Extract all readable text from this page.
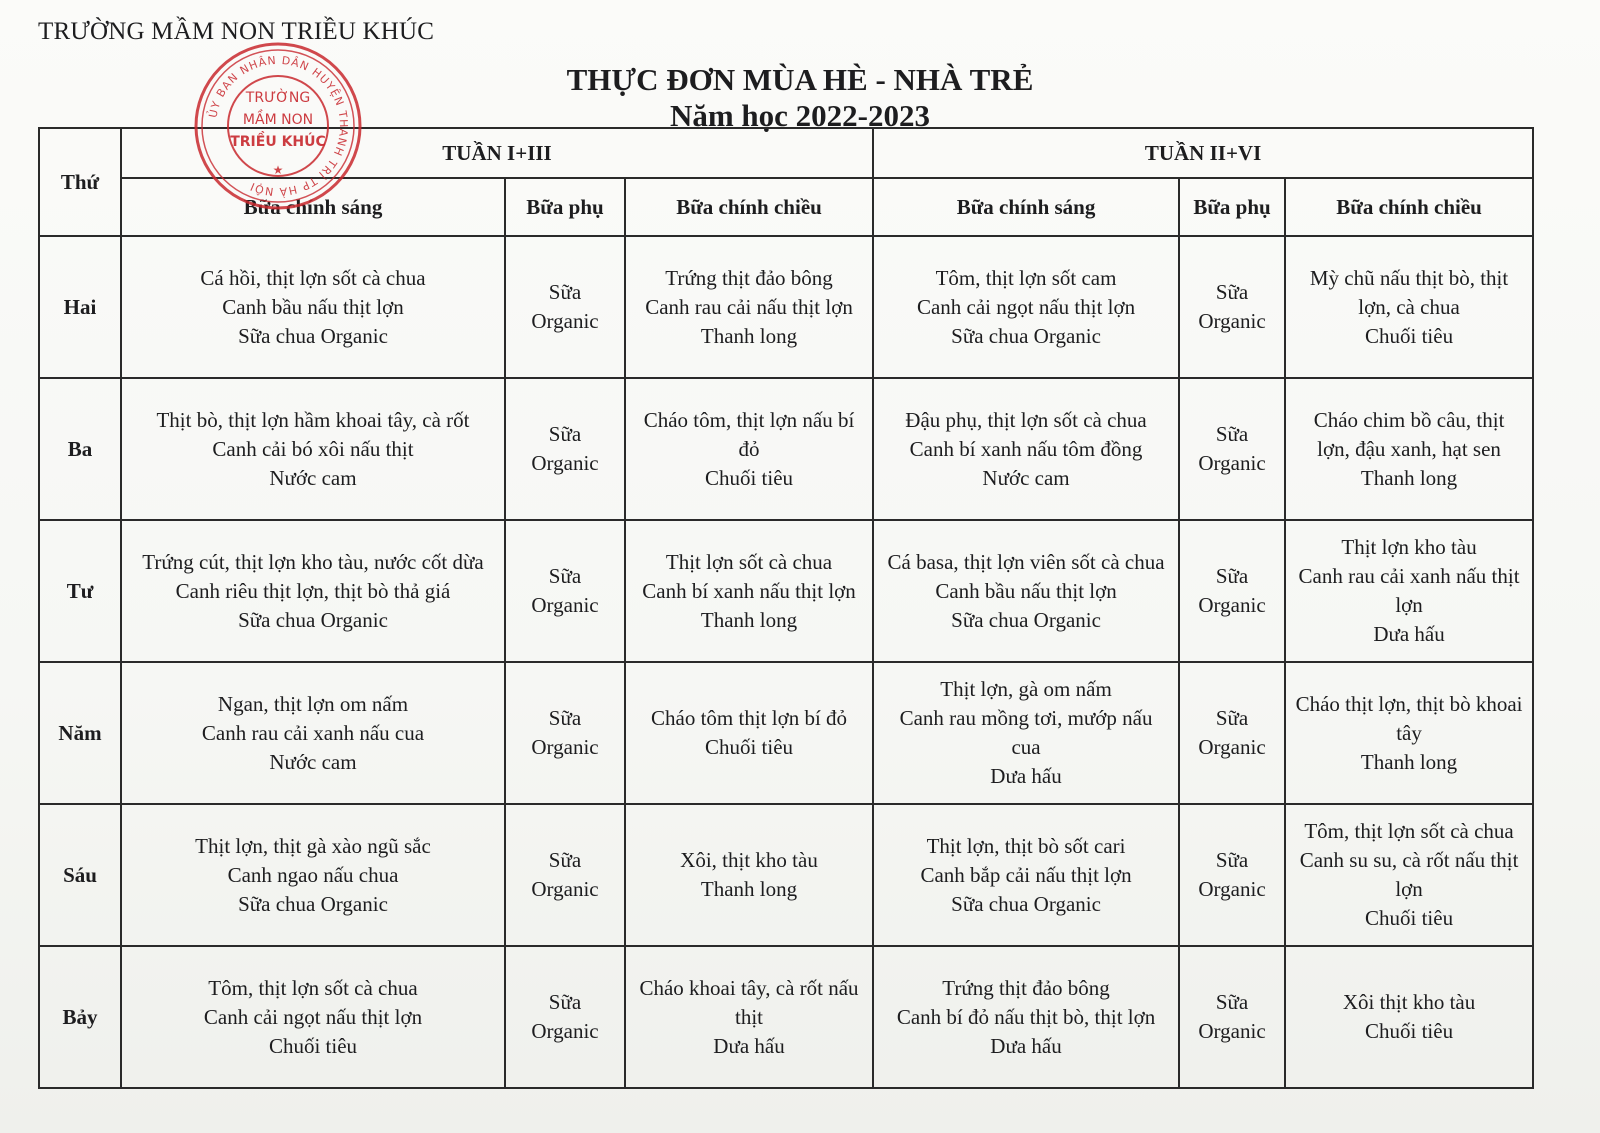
TRƯỜNG MẦM NON TRIỀU KHÚC
THỰC ĐƠN MÙA HÈ - NHÀ TRẺ
Năm học 2022-2023
Thứ	TUẦN I+III			TUẦN II+VI		
	Bữa chính sáng	Bữa phụ	Bữa chính chiều	Bữa chính sáng	Bữa phụ	Bữa chính chiều
Hai	Cá hồi, thịt lợn sốt cà chua
Canh bầu nấu thịt lợn
Sữa chua Organic	Sữa
Organic	Trứng thịt đảo bông
Canh rau cải nấu thịt lợn
Thanh long	Tôm, thịt lợn sốt cam
Canh cải ngọt nấu thịt lợn
Sữa chua Organic	Sữa
Organic	Mỳ chũ nấu thịt bò, thịt
lợn, cà chua
Chuối tiêu

Ba	Thịt bò, thịt lợn hầm khoai tây, cà rốt
Canh cải bó xôi nấu thịt
Nước cam	Sữa
Organic	Cháo tôm, thịt lợn nấu bí
đỏ
Chuối tiêu	Đậu phụ, thịt lợn sốt cà chua
Canh bí xanh nấu tôm đồng
Nước cam	Sữa
Organic	Cháo chim bồ câu, thịt
lợn, đậu xanh, hạt sen
Thanh long

Tư	Trứng cút, thịt lợn kho tàu, nước cốt dừa
Canh riêu thịt lợn, thịt bò thả giá
Sữa chua Organic	Sữa
Organic	Thịt lợn sốt cà chua
Canh bí xanh nấu thịt lợn
Thanh long	Cá basa, thịt lợn viên sốt cà chua
Canh bầu nấu thịt lợn
Sữa chua Organic	Sữa
Organic	Thịt lợn kho tàu
Canh rau cải xanh nấu thịt
lợn
Dưa hấu

Năm	Ngan, thịt lợn om nấm
Canh rau cải xanh nấu cua
Nước cam	Sữa
Organic	Cháo tôm thịt lợn bí đỏ
Chuối tiêu	Thịt lợn, gà om nấm
Canh rau mồng tơi, mướp nấu
cua
Dưa hấu	Sữa
Organic	Cháo thịt lợn, thịt bò khoai
tây
Thanh long

Sáu	Thịt lợn, thịt gà xào ngũ sắc
Canh ngao nấu chua
Sữa chua Organic	Sữa
Organic	Xôi, thịt kho tàu
Thanh long	Thịt lợn, thịt bò sốt cari
Canh bắp cải nấu thịt lợn
Sữa chua Organic	Sữa
Organic	Tôm, thịt lợn sốt cà chua
Canh su su, cà rốt nấu thịt
lợn
Chuối tiêu

Bảy	Tôm, thịt lợn sốt cà chua
Canh cải ngọt nấu thịt lợn
Chuối tiêu	Sữa
Organic	Cháo khoai tây, cà rốt nấu
thịt
Dưa hấu	Trứng thịt đảo bông
Canh bí đỏ nấu thịt bò, thịt lợn
Dưa hấu	Sữa
Organic	Xôi thịt kho tàu
Chuối tiêu
ỦY BAN NHÂN DÂN HUYỆN THANH TRÌ TP HÀ NỘI
TRƯỜNG
MẦM NON
TRIỀU KHÚC
★
